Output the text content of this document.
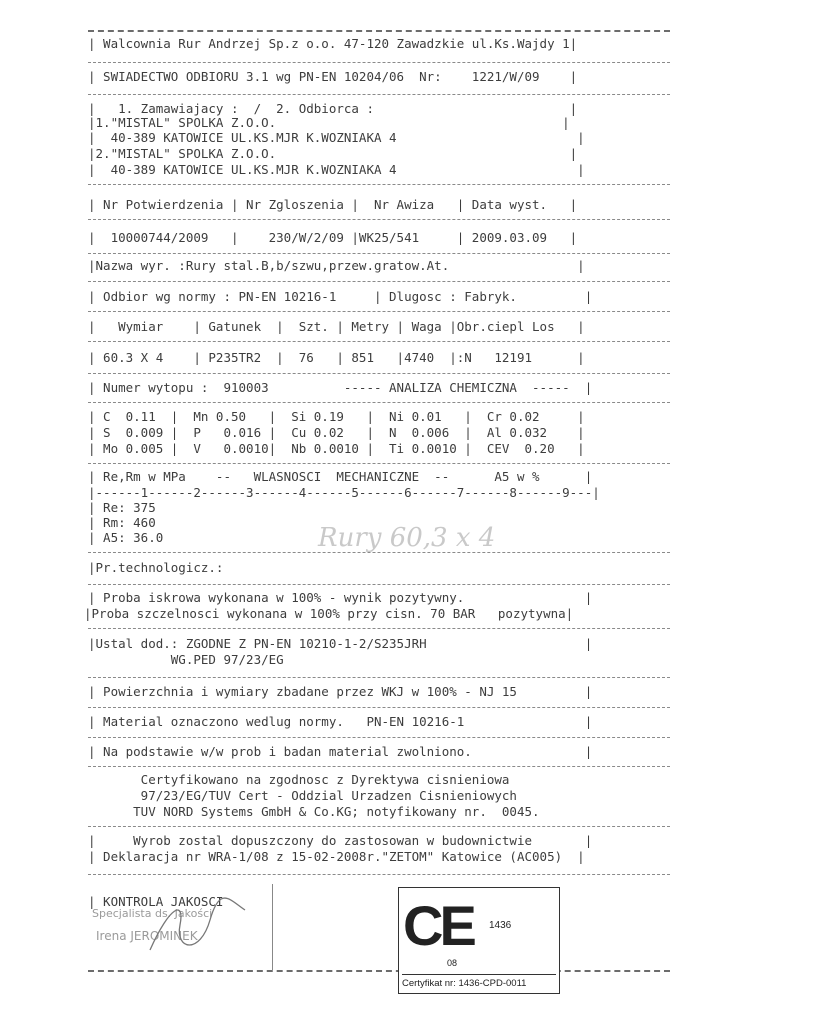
| Walcownia Rur Andrzej Sp.z o.o. 47-120 Zawadzkie ul.Ks.Wajdy 1|
| SWIADECTWO ODBIORU 3.1 wg PN-EN 10204/06  Nr:    1221/W/09    |
|   1. Zamawiajacy :  /  2. Odbiorca :                          |
|1."MISTAL" SPOLKA Z.O.O.                                      |
|  40-389 KATOWICE UL.KS.MJR K.WOZNIAKA 4                        |
|2."MISTAL" SPOLKA Z.O.O.                                       |
|  40-389 KATOWICE UL.KS.MJR K.WOZNIAKA 4                        |
| Nr Potwierdzenia | Nr Zgloszenia |  Nr Awiza   | Data wyst.   |
|  10000744/2009   |    230/W/2/09 |WK25/541     | 2009.03.09   |
|Nazwa wyr. :Rury stal.B,b/szwu,przew.gratow.At.                 |
| Odbior wg normy : PN-EN 10216-1     | Dlugosc : Fabryk.         |
|   Wymiar    | Gatunek  |  Szt. | Metry | Waga |Obr.ciepl Los   |
| 60.3 X 4    | P235TR2  |  76   | 851   |4740  |:N   12191      |
| Numer wytopu :  910003          ----- ANALIZA CHEMICZNA  -----  |
| C  0.11  |  Mn 0.50   |  Si 0.19   |  Ni 0.01   |  Cr 0.02     |
| S  0.009 |  P   0.016 |  Cu 0.02   |  N  0.006  |  Al 0.032    |
| Mo 0.005 |  V   0.0010|  Nb 0.0010 |  Ti 0.0010 |  CEV  0.20   |
| Re,Rm w MPa    --   WLASNOSCI  MECHANICZNE  --      A5 w %      |
|------1------2------3------4------5------6------7------8------9---|
| Re: 375
| Rm: 460
| A5: 36.0	Rury 60,3 x 4
|Pr.technologicz.:
| Proba iskrowa wykonana w 100% - wynik pozytywny.                |
|Proba szczelnosci wykonana w 100% przy cisn. 70 BAR   pozytywna|
|Ustal dod.: ZGODNE Z PN-EN 10210-1-2/S235JRH                     |
WG.PED 97/23/EG
| Powierzchnia i wymiary zbadane przez WKJ w 100% - NJ 15         |
| Material oznaczono wedlug normy.   PN-EN 10216-1                |
| Na podstawie w/w prob i badan material zwolniono.               |
Certyfikowano na zgodnosc z Dyrektywa cisnieniowa
97/23/EG/TUV Cert - Oddzial Urzadzen Cisnieniowych
TUV NORD Systems GmbH & Co.KG; notyfikowany nr.  0045.
|     Wyrob zostal dopuszczony do zastosowan w budownictwie       |
| Deklaracja nr WRA-1/08 z 15-02-2008r."ZETOM" Katowice (AC005)  |
| KONTROLA JAKOSCI
Specjalista ds. Jakości
Irena JEROMINEK	CE 1436
08
Certyfikat nr: 1436-CPD-0011
